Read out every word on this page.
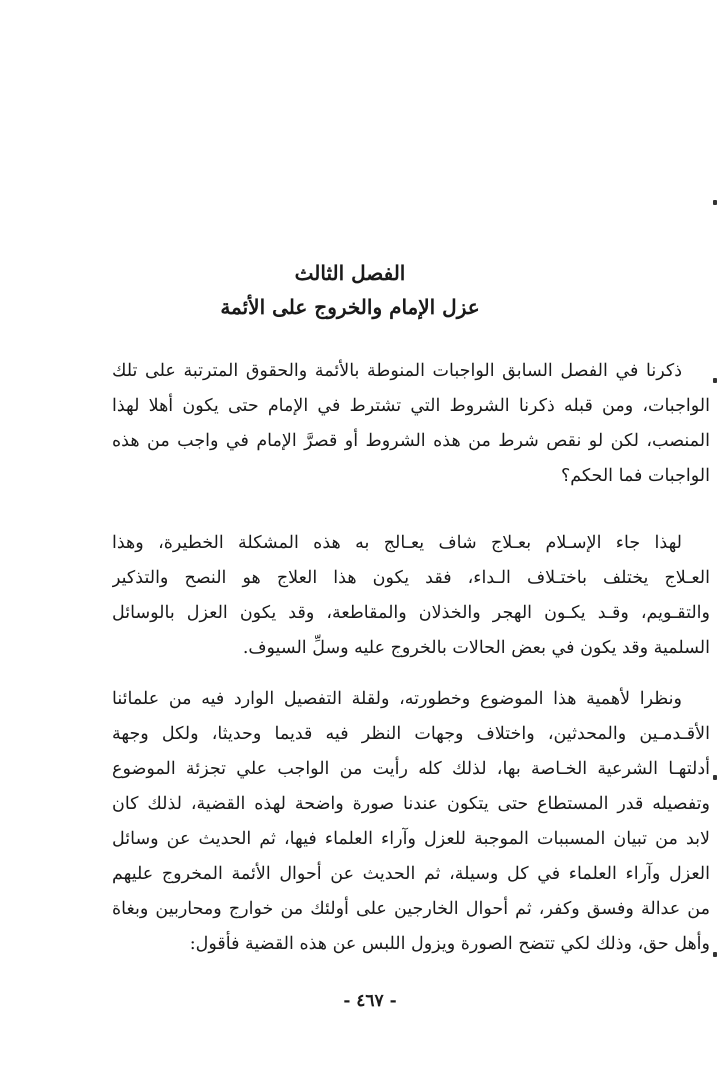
الفصل الثالث
عزل الإمام والخروج على الأئمة
ذكرنا في الفصل السابق الواجبات المنوطة بالأئمة والحقوق المترتبة على تلك
الواجبات، ومن قبله ذكرنا الشروط التي تشترط في الإمام حتى يكون أهلا لهذا
المنصب، لكن لو نقص شرط من هذه الشروط أو قصرَّ الإمام في واجب من هذه
الواجبات فما الحكم؟
لهذا جاء الإسـلام بعـلاج شاف يعـالج به هذه المشكلة الخطيرة، وهذا
العـلاج يختلف باختـلاف الـداء، فقد يكون هذا العلاج هو النصح والتذكير
والتقـويم، وقـد يكـون الهجر والخذلان والمقاطعة، وقد يكون العزل بالوسائل
السلمية وقد يكون في بعض الحالات بالخروج عليه وسلِّ السيوف.
ونظرا لأهمية هذا الموضوع وخطورته، ولقلة التفصيل الوارد فيه من علمائنا
الأقـدمـين والمحدثين، واختلاف وجهات النظر فيه قديما وحديثا، ولكل وجهة
أدلتهـا الشرعية الخـاصة بها، لذلك كله رأيت من الواجب علي تجزئة الموضوع
وتفصيله قدر المستطاع حتى يتكون عندنا صورة واضحة لهذه القضية، لذلك كان
لابد من تبيان المسببات الموجبة للعزل وآراء العلماء فيها، ثم الحديث عن وسائل
العزل وآراء العلماء في كل وسيلة، ثم الحديث عن أحوال الأئمة المخروج عليهم
من عدالة وفسق وكفر، ثم أحوال الخارجين على أولئك من خوارج ومحاربين وبغاة
وأهل حق، وذلك لكي تتضح الصورة ويزول اللبس عن هذه القضية فأقول:
- ٤٦٧ -
